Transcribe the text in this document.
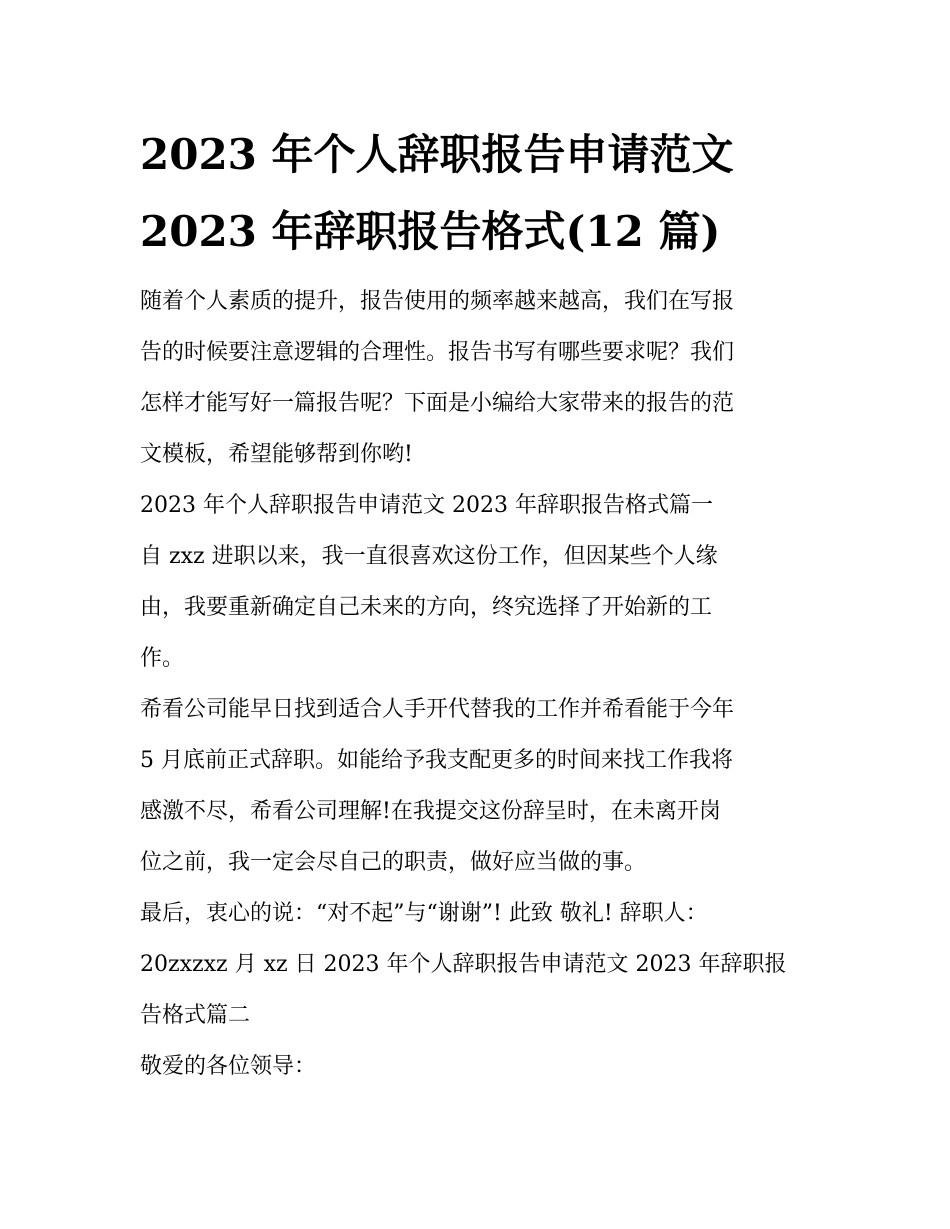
2023 年个人辞职报告申请范文
2023 年辞职报告格式(12 篇)

随着个人素质的提升，报告使用的频率越来越高，我们在写报
告的时候要注意逻辑的合理性。报告书写有哪些要求呢？我们
怎样才能写好一篇报告呢？下面是小编给大家带来的报告的范
文模板，希望能够帮到你哟!

2023 年个人辞职报告申请范文 2023 年辞职报告格式篇一

自 zxz 进职以来，我一直很喜欢这份工作，但因某些个人缘
由，我要重新确定自己未来的方向，终究选择了开始新的工
作。

希看公司能早日找到适合人手开代替我的工作并希看能于今年
5 月底前正式辞职。如能给予我支配更多的时间来找工作我将
感激不尽，希看公司理解!在我提交这份辞呈时，在未离开岗
位之前，我一定会尽自己的职责，做好应当做的事。

最后，衷心的说：“对不起”与“谢谢”! 此致 敬礼! 辞职人：
20zxzxz 月 xz 日 2023 年个人辞职报告申请范文 2023 年辞职报
告格式篇二

敬爱的各位领导：
